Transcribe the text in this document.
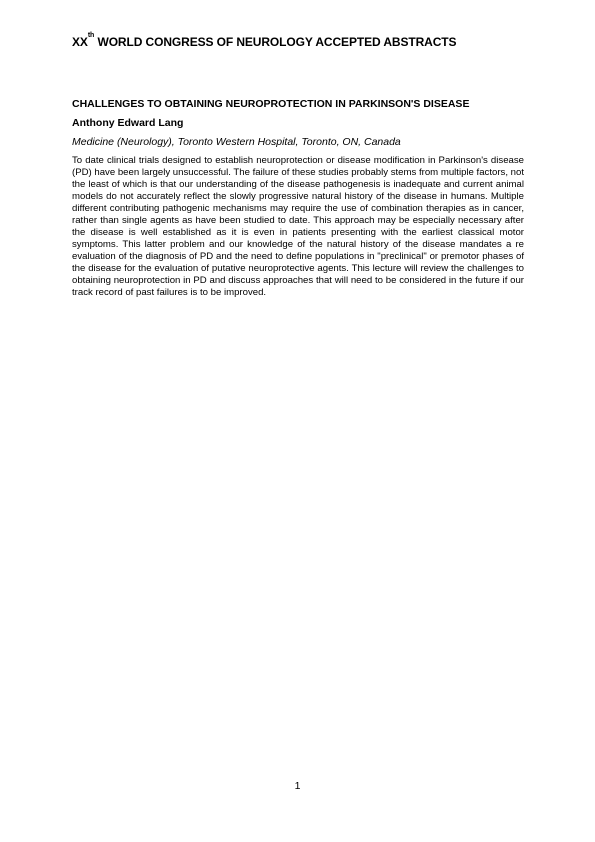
XXth WORLD CONGRESS OF NEUROLOGY ACCEPTED ABSTRACTS
CHALLENGES TO OBTAINING NEUROPROTECTION IN PARKINSON'S DISEASE
Anthony Edward Lang
Medicine (Neurology), Toronto Western Hospital, Toronto, ON, Canada

To date clinical trials designed to establish neuroprotection or disease modification in Parkinson's disease (PD) have been largely unsuccessful. The failure of these studies probably stems from multiple factors, not the least of which is that our understanding of the disease pathogenesis is inadequate and current animal models do not accurately reflect the slowly progressive natural history of the disease in humans. Multiple different contributing pathogenic mechanisms may require the use of combination therapies as in cancer, rather than single agents as have been studied to date. This approach may be especially necessary after the disease is well established as it is even in patients presenting with the earliest classical motor symptoms. This latter problem and our knowledge of the natural history of the disease mandates a re evaluation of the diagnosis of PD and the need to define populations in "preclinical" or premotor phases of the disease for the evaluation of putative neuroprotective agents. This lecture will review the challenges to obtaining neuroprotection in PD and discuss approaches that will need to be considered in the future if our track record of past failures is to be improved.

1
